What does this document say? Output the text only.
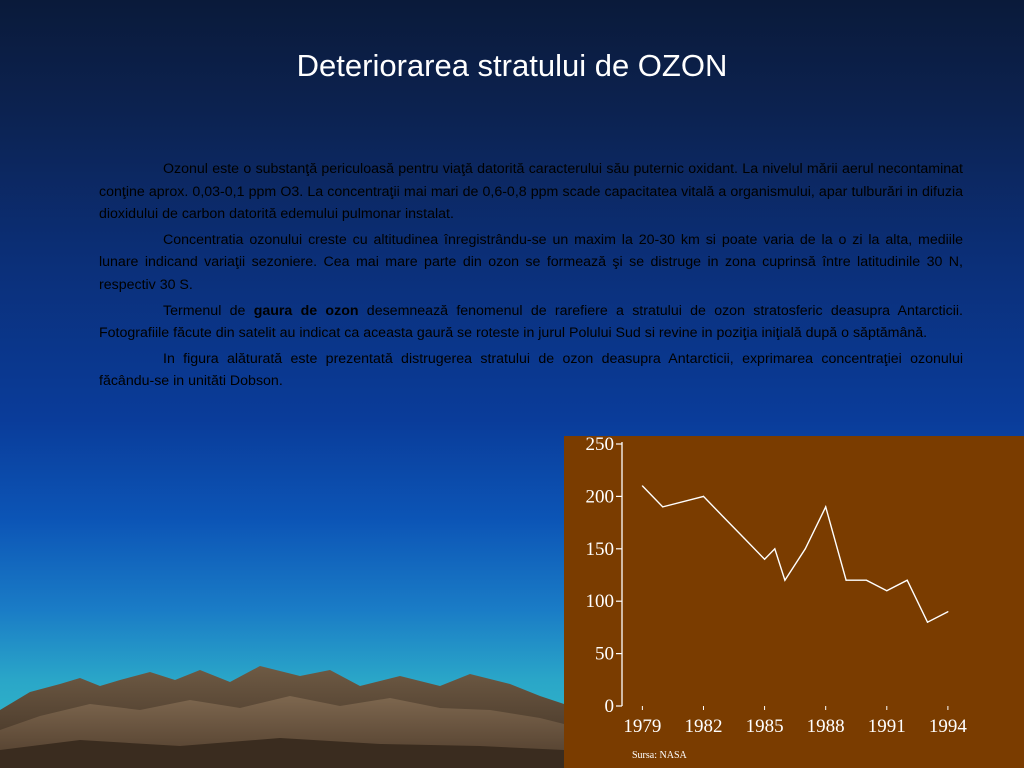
Deteriorarea stratului de OZON

Ozonul este o substanţă periculoasă pentru viaţă datorită caracterului său puternic oxidant. La nivelul mării aerul necontaminat conţine aprox. 0,03-0,1 ppm O3. La concentraţii mai mari de 0,6-0,8 ppm scade capacitatea vitală a organismului, apar tulburări in difuzia dioxidului de carbon datorită edemului pulmonar instalat.

Concentratia ozonului creste cu altitudinea înregistrându-se un maxim la 20-30 km si poate varia de la o zi la alta, mediile lunare indicand variaţii sezoniere. Cea mai mare parte din ozon se formează şi se distruge in zona cuprinsă între latitudinile 30 N, respectiv 30 S.

Termenul de gaura de ozon desemnează fenomenul de rarefiere a stratului de ozon stratosferic deasupra Antarcticii. Fotografiile făcute din satelit au indicat ca aceasta gaură se roteste in jurul Polului Sud si revine in poziţia iniţială după o săptămână.

In figura alăturată este prezentată distrugerea stratului de ozon deasupra Antarcticii, exprimarea concentraţiei ozonului făcându-se in unităti Dobson.

0
50
100
150
200
250
1979 1982 1985 1988 1991 1994
Sursa: NASA
